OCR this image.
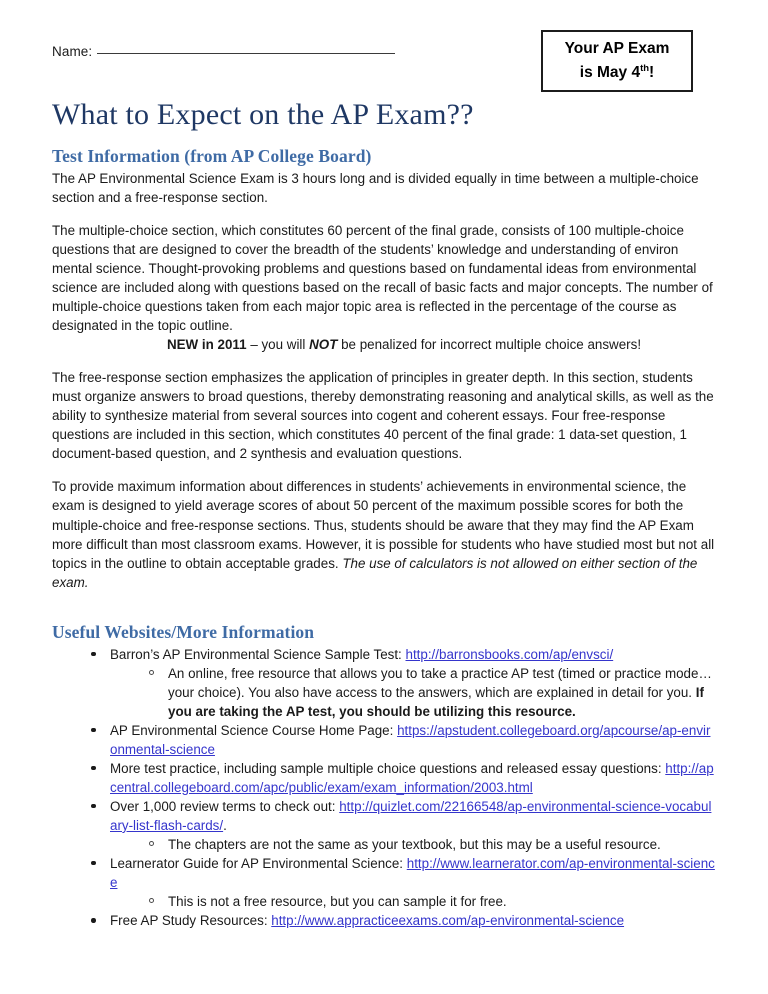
Name:
What to Expect on the AP Exam??
Your AP Exam
is May 4th!
Test Information (from AP College Board)

The AP Environmental Science Exam is 3 hours long and is divided equally in time between a multiple-choice section and a free-response section.

The multiple-choice section, which constitutes 60 percent of the final grade, consists of 100 multiple-choice questions that are designed to cover the breadth of the students’ knowledge and understanding of environ mental science. Thought-provoking problems and questions based on fundamental ideas from environmental science are included along with questions based on the recall of basic facts and major concepts. The number of multiple-choice questions taken from each major topic area is reflected in the percentage of the course as designated in the topic outline.

NEW in 2011 – you will NOT be penalized for incorrect multiple choice answers!

The free-response section emphasizes the application of principles in greater depth. In this section, students must organize answers to broad questions, thereby demonstrating reasoning and analytical skills, as well as the ability to synthesize material from several sources into cogent and coherent essays. Four free-response questions are included in this section, which constitutes 40 percent of the final grade: 1 data-set question, 1 document-based question, and 2 synthesis and evaluation questions.

To provide maximum information about differences in students’ achievements in environmental science, the exam is designed to yield average scores of about 50 percent of the maximum possible scores for both the multiple-choice and free-response sections. Thus, students should be aware that they may find the AP Exam more difficult than most classroom exams. However, it is possible for students who have studied most but not all topics in the outline to obtain acceptable grades. The use of calculators is not allowed on either section of the exam.

Useful Websites/More Information
Barron’s AP Environmental Science Sample Test: http://barronsbooks.com/ap/envsci/
An online, free resource that allows you to take a practice AP test (timed or practice mode… your choice). You also have access to the answers, which are explained in detail for you. If you are taking the AP test, you should be utilizing this resource.
AP Environmental Science Course Home Page: https://apstudent.collegeboard.org/apcourse/ap-environmental-science
More test practice, including sample multiple choice questions and released essay questions: http://apcentral.collegeboard.com/apc/public/exam/exam_information/2003.html
Over 1,000 review terms to check out: http://quizlet.com/22166548/ap-environmental-science-vocabulary-list-flash-cards/.
The chapters are not the same as your textbook, but this may be a useful resource.
Learnerator Guide for AP Environmental Science: http://www.learnerator.com/ap-environmental-science
This is not a free resource, but you can sample it for free.
Free AP Study Resources: http://www.appracticeexams.com/ap-environmental-science
